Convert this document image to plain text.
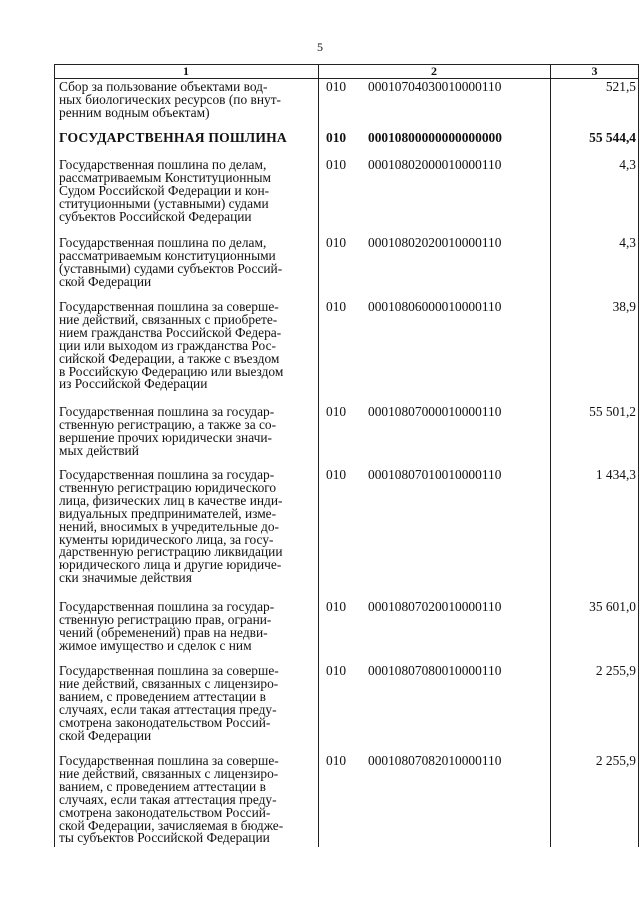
5
1	2	3
Сбор за пользование объектами вод-
ных биологических ресурсов (по внут-
ренним водным объектам)
010	00010704030010000110	521,5
ГОСУДАРСТВЕННАЯ ПОШЛИНА	010	00010800000000000000	55 544,4
Государственная пошлина по делам,
рассматриваемым Конституционным
Судом Российской Федерации и кон-
ституционными (уставными) судами
субъектов Российской Федерации
010	00010802000010000110	4,3
Государственная пошлина по делам,
рассматриваемым конституционными
(уставными) судами субъектов Россий-
ской Федерации
010	00010802020010000110	4,3
Государственная пошлина за соверше-
ние действий, связанных с приобрете-
нием гражданства Российской Федера-
ции или выходом из гражданства Рос-
сийской Федерации, а также с въездом
в Российскую Федерацию или выездом
из Российской Федерации
010	00010806000010000110	38,9
Государственная пошлина за государ-
ственную регистрацию, а также за со-
вершение прочих юридически значи-
мых действий
010	00010807000010000110	55 501,2
Государственная пошлина за государ-
ственную регистрацию юридического
лица, физических лиц в качестве инди-
видуальных предпринимателей, изме-
нений, вносимых в учредительные до-
кументы юридического лица, за госу-
дарственную регистрацию ликвидации
юридического лица и другие юридиче-
ски значимые действия
010	00010807010010000110	1 434,3
Государственная пошлина за государ-
ственную регистрацию прав, ограни-
чений (обременений) прав на недви-
жимое имущество и сделок с ним
010	00010807020010000110	35 601,0
Государственная пошлина за соверше-
ние действий, связанных с лицензиро-
ванием, с проведением аттестации в
случаях, если такая аттестация преду-
смотрена законодательством Россий-
ской Федерации
010	00010807080010000110	2 255,9
Государственная пошлина за соверше-
ние действий, связанных с лицензиро-
ванием, с проведением аттестации в
случаях, если такая аттестация преду-
смотрена законодательством Россий-
ской Федерации, зачисляемая в бюдже-
ты субъектов Российской Федерации
010	00010807082010000110	2 255,9
